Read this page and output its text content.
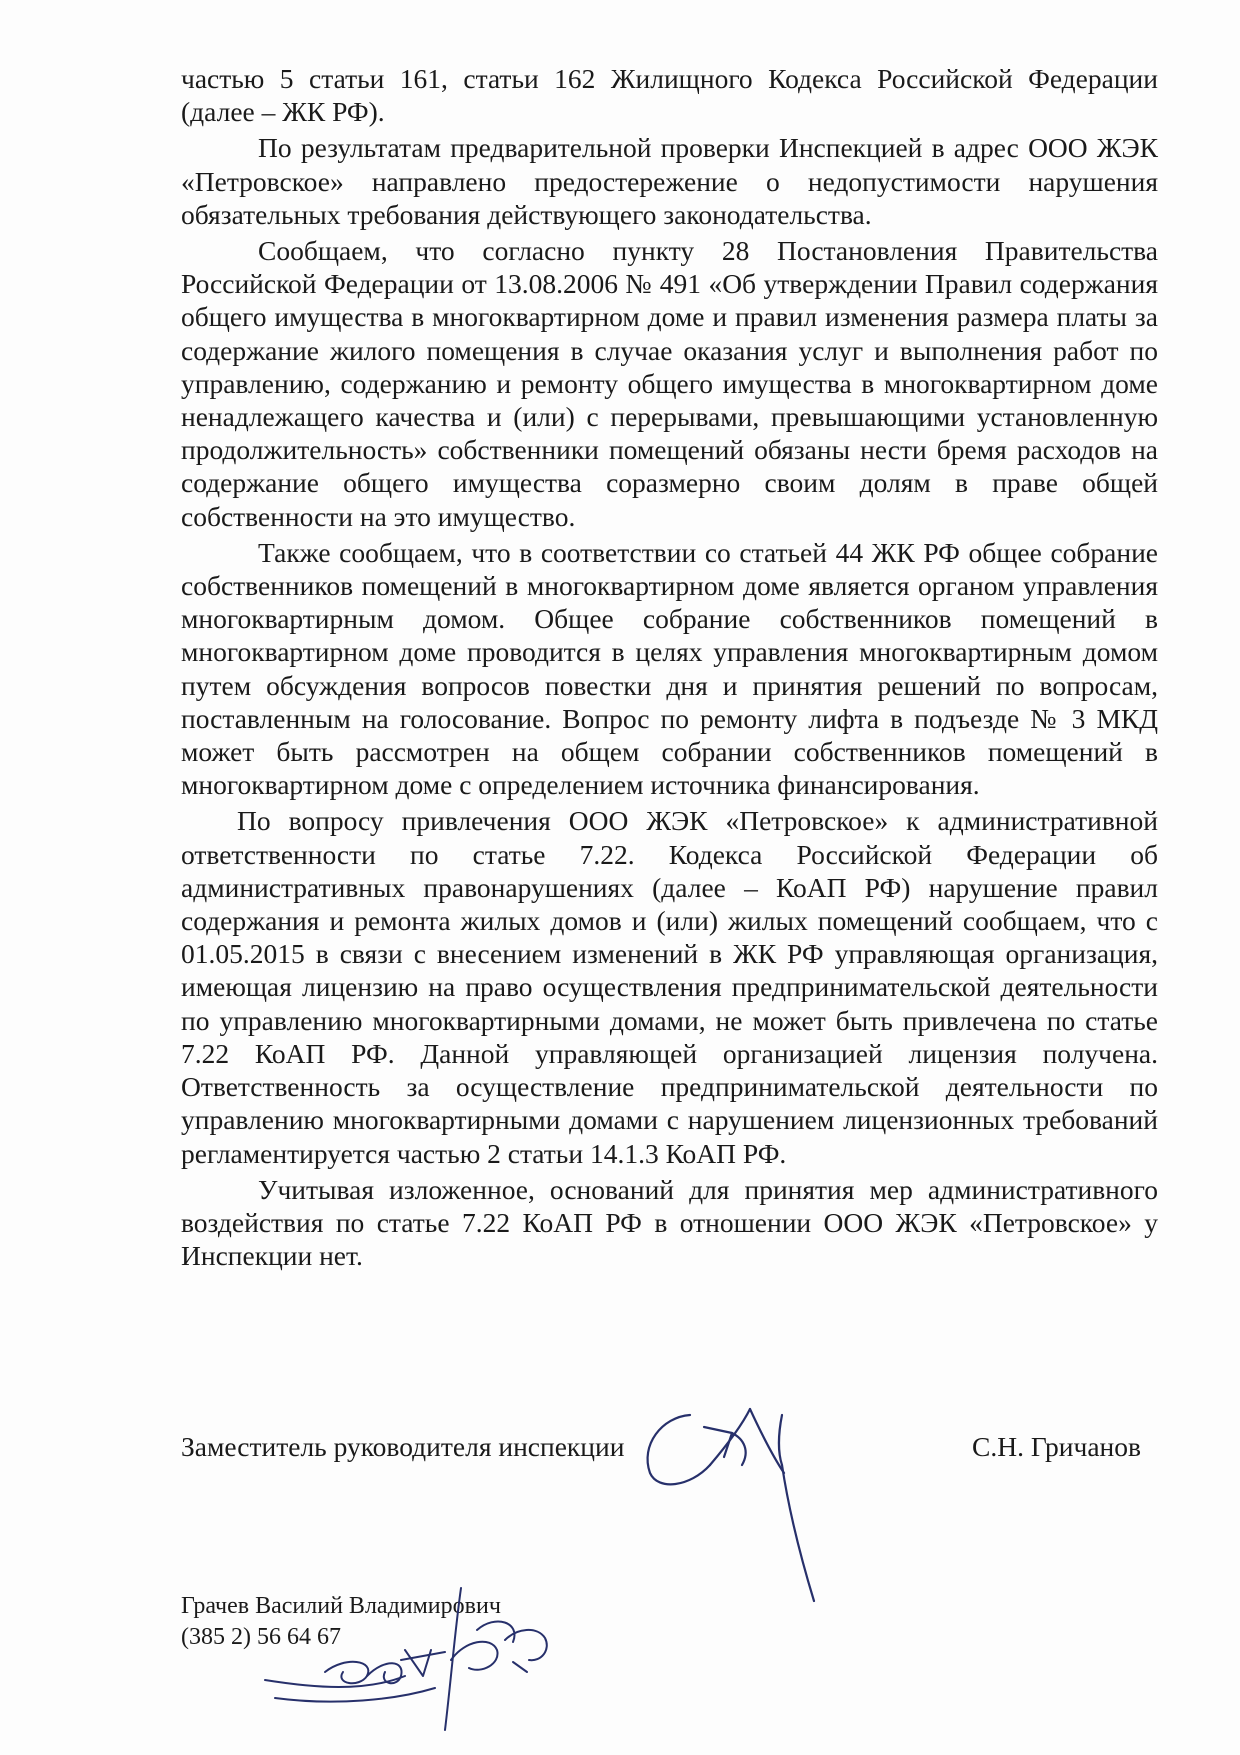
частью 5 статьи 161, статьи 162 Жилищного Кодекса Российской Федерации (далее – ЖК РФ).

По результатам предварительной проверки Инспекцией в адрес ООО ЖЭК «Петровское» направлено предостережение о недопустимости нарушения обязательных требования действующего законодательства.

Сообщаем, что согласно пункту 28 Постановления Правительства Российской Федерации от 13.08.2006 № 491 «Об утверждении Правил содержания общего имущества в многоквартирном доме и правил изменения размера платы за содержание жилого помещения в случае оказания услуг и выполнения работ по управлению, содержанию и ремонту общего имущества в многоквартирном доме ненадлежащего качества и (или) с перерывами, превышающими установленную продолжительность» собственники помещений обязаны нести бремя расходов на содержание общего имущества соразмерно своим долям в праве общей собственности на это имущество.

Также сообщаем, что в соответствии со статьей 44 ЖК РФ общее собрание собственников помещений в многоквартирном доме является органом управления многоквартирным домом. Общее собрание собственников помещений в многоквартирном доме проводится в целях управления многоквартирным домом путем обсуждения вопросов повестки дня и принятия решений по вопросам, поставленным на голосование. Вопрос по ремонту лифта в подъезде № 3 МКД может быть рассмотрен на общем собрании собственников помещений в многоквартирном доме с определением источника финансирования.

По вопросу привлечения ООО ЖЭК «Петровское» к административной ответственности по статье 7.22. Кодекса Российской Федерации об административных правонарушениях (далее – КоАП РФ) нарушение правил содержания и ремонта жилых домов и (или) жилых помещений сообщаем, что с 01.05.2015 в связи с внесением изменений в ЖК РФ управляющая организация, имеющая лицензию на право осуществления предпринимательской деятельности по управлению многоквартирными домами, не может быть привлечена по статье 7.22 КоАП РФ. Данной управляющей организацией лицензия получена. Ответственность за осуществление предпринимательской деятельности по управлению многоквартирными домами с нарушением лицензионных требований регламентируется частью 2 статьи 14.1.3 КоАП РФ.

Учитывая изложенное, оснований для принятия мер административного воздействия по статье 7.22 КоАП РФ в отношении ООО ЖЭК «Петровское» у Инспекции нет.

Заместитель руководителя инспекции	С.Н. Гричанов
Грачев Василий Владимирович
(385 2) 56 64 67
